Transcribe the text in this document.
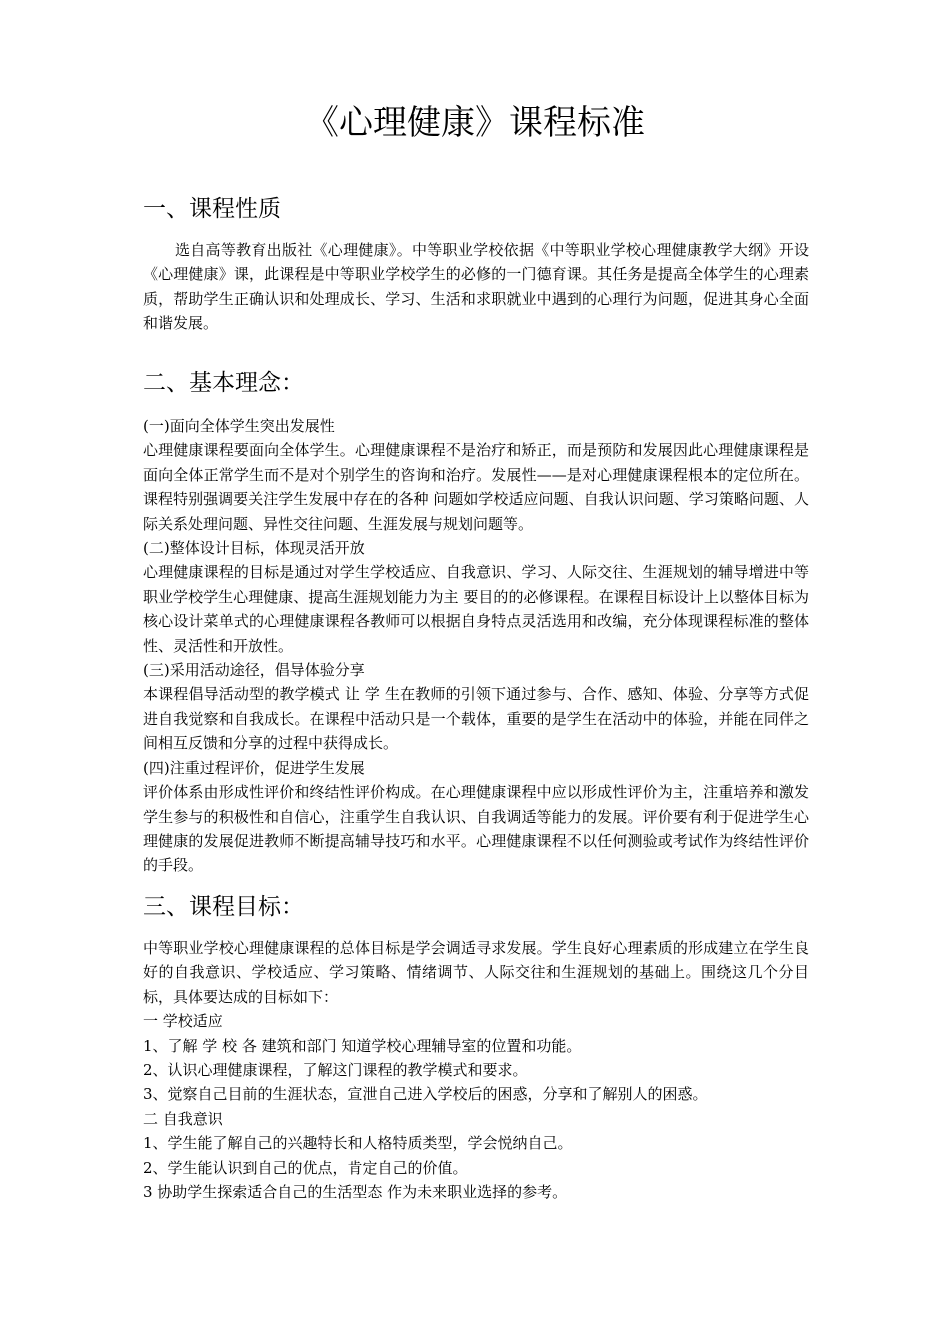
《心理健康》课程标准
一、课程性质

选自高等教育出版社《心理健康》。中等职业学校依据《中等职业学校心理健康教学大纲》开设《心理健康》课，此课程是中等职业学校学生的必修的一门德育课。其任务是提高全体学生的心理素质，帮助学生正确认识和处理成长、学习、生活和求职就业中遇到的心理行为问题，促进其身心全面和谐发展。

二、基本理念：

(一)面向全体学生突出发展性

心理健康课程要面向全体学生。心理健康课程不是治疗和矫正，而是预防和发展因此心理健康课程是面向全体正常学生而不是对个别学生的咨询和治疗。发展性——是对心理健康课程根本的定位所在。课程特别强调要关注学生发展中存在的各种 问题如学校适应问题、自我认识问题、学习策略问题、人际关系处理问题、异性交往问题、生涯发展与规划问题等。

(二)整体设计目标，体现灵活开放

心理健康课程的目标是通过对学生学校适应、自我意识、学习、人际交往、生涯规划的辅导增进中等职业学校学生心理健康、提高生涯规划能力为主 要目的的必修课程。在课程目标设计上以整体目标为核心设计菜单式的心理健康课程各教师可以根据自身特点灵活选用和改编，充分体现课程标准的整体性、灵活性和开放性。

(三)采用活动途径，倡导体验分享

本课程倡导活动型的教学模式 让 学 生在教师的引领下通过参与、合作、感知、体验、分享等方式促进自我觉察和自我成长。在课程中活动只是一个载体，重要的是学生在活动中的体验，并能在同伴之间相互反馈和分享的过程中获得成长。

(四)注重过程评价，促进学生发展

评价体系由形成性评价和终结性评价构成。在心理健康课程中应以形成性评价为主，注重培养和激发学生参与的积极性和自信心，注重学生自我认识、自我调适等能力的发展。评价要有利于促进学生心理健康的发展促进教师不断提高辅导技巧和水平。心理健康课程不以任何测验或考试作为终结性评价的手段。

三、课程目标：

中等职业学校心理健康课程的总体目标是学会调适寻求发展。学生良好心理素质的形成建立在学生良好的自我意识、学校适应、学习策略、情绪调节、人际交往和生涯规划的基础上。围绕这几个分目标，具体要达成的目标如下：

一 学校适应

1、了解 学 校 各 建筑和部门 知道学校心理辅导室的位置和功能。

2、认识心理健康课程，了解这门课程的教学模式和要求。

3、觉察自己目前的生涯状态，宣泄自己进入学校后的困惑，分享和了解别人的困惑。

二 自我意识

1、学生能了解自己的兴趣特长和人格特质类型，学会悦纳自己。

2、学生能认识到自己的优点，肯定自己的价值。

3 协助学生探索适合自己的生活型态 作为未来职业选择的参考。
